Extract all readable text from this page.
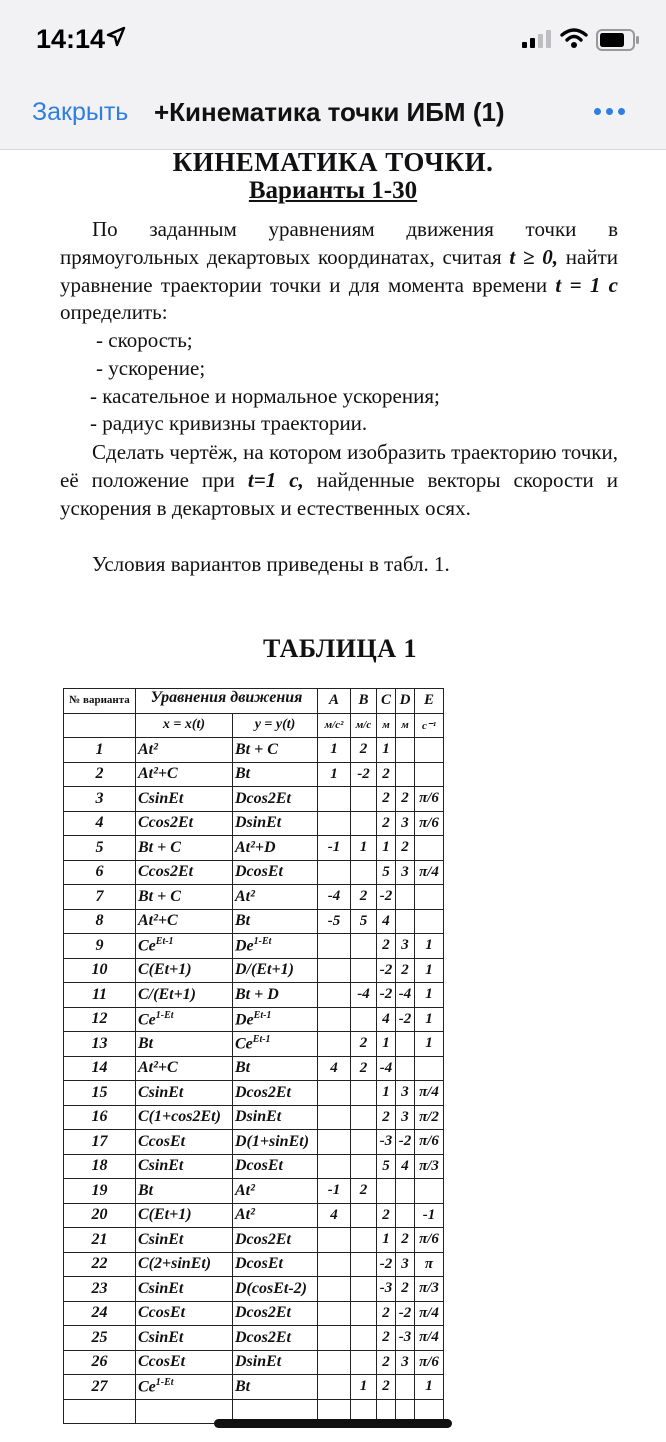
14:14
Закрыть +Кинематика точки ИБМ (1)
КИНЕМАТИКА ТОЧКИ.
Варианты 1-30
По заданным уравнениям движения точки в прямоугольных декартовых координатах, считая t ≥ 0, найти уравнение траектории точки и для момента времени t = 1 с определить:
- скорость;
- ускорение;
- касательное и нормальное ускорения;
- радиус кривизны траектории.
Сделать чертёж, на котором изобразить траекторию точки, её положение при t=1 с, найденные векторы скорости и ускорения в декартовых и естественных осях.
Условия вариантов приведены в табл. 1.
ТАБЛИЦА 1
№ варианта	Уравнения движения		A	B	C	D	E
	x = x(t)	y = y(t)	м/с²	м/с	м	м	с⁻¹
1	At²	Bt + C	1	2	1		
2	At²+C	Bt	1	-2	2		
3	CsinEt	Dcos2Et			2	2	π/6
4	Ccos2Et	DsinEt			2	3	π/6
5	Bt + C	At²+D	-1	1	1	2	
6	Ccos2Et	DcosEt			5	3	π/4
7	Bt + C	At²	-4	2	-2		
8	At²+C	Bt	-5	5	4		
9	$Ce^{Et-1}$	$De^{1-Et}$			2	3	1
10	C(Et+1)	D/(Et+1)			-2	2	1
11	C/(Et+1)	Bt + D		-4	-2	-4	1
12	$Ce^{1-Et}$	$De^{Et-1}$			4	-2	1
13	Bt	$Ce^{Et-1}$		2	1		1
14	At²+C	Bt	4	2	-4		
15	CsinEt	Dcos2Et			1	3	π/4
16	C(1+cos2Et)	DsinEt			2	3	π/2
17	CcosEt	D(1+sinEt)			-3	-2	π/6
18	CsinEt	DcosEt			5	4	π/3
19	Bt	At²	-1	2			
20	C(Et+1)	At²	4		2		-1
21	CsinEt	Dcos2Et			1	2	π/6
22	C(2+sinEt)	DcosEt			-2	3	π
23	CsinEt	D(cosEt-2)			-3	2	π/3
24	CcosEt	Dcos2Et			2	-2	π/4
25	CsinEt	Dcos2Et			2	-3	π/4
26	CcosEt	DsinEt			2	3	π/6
27	$Ce^{1-Et}$	Bt		1	2		1
